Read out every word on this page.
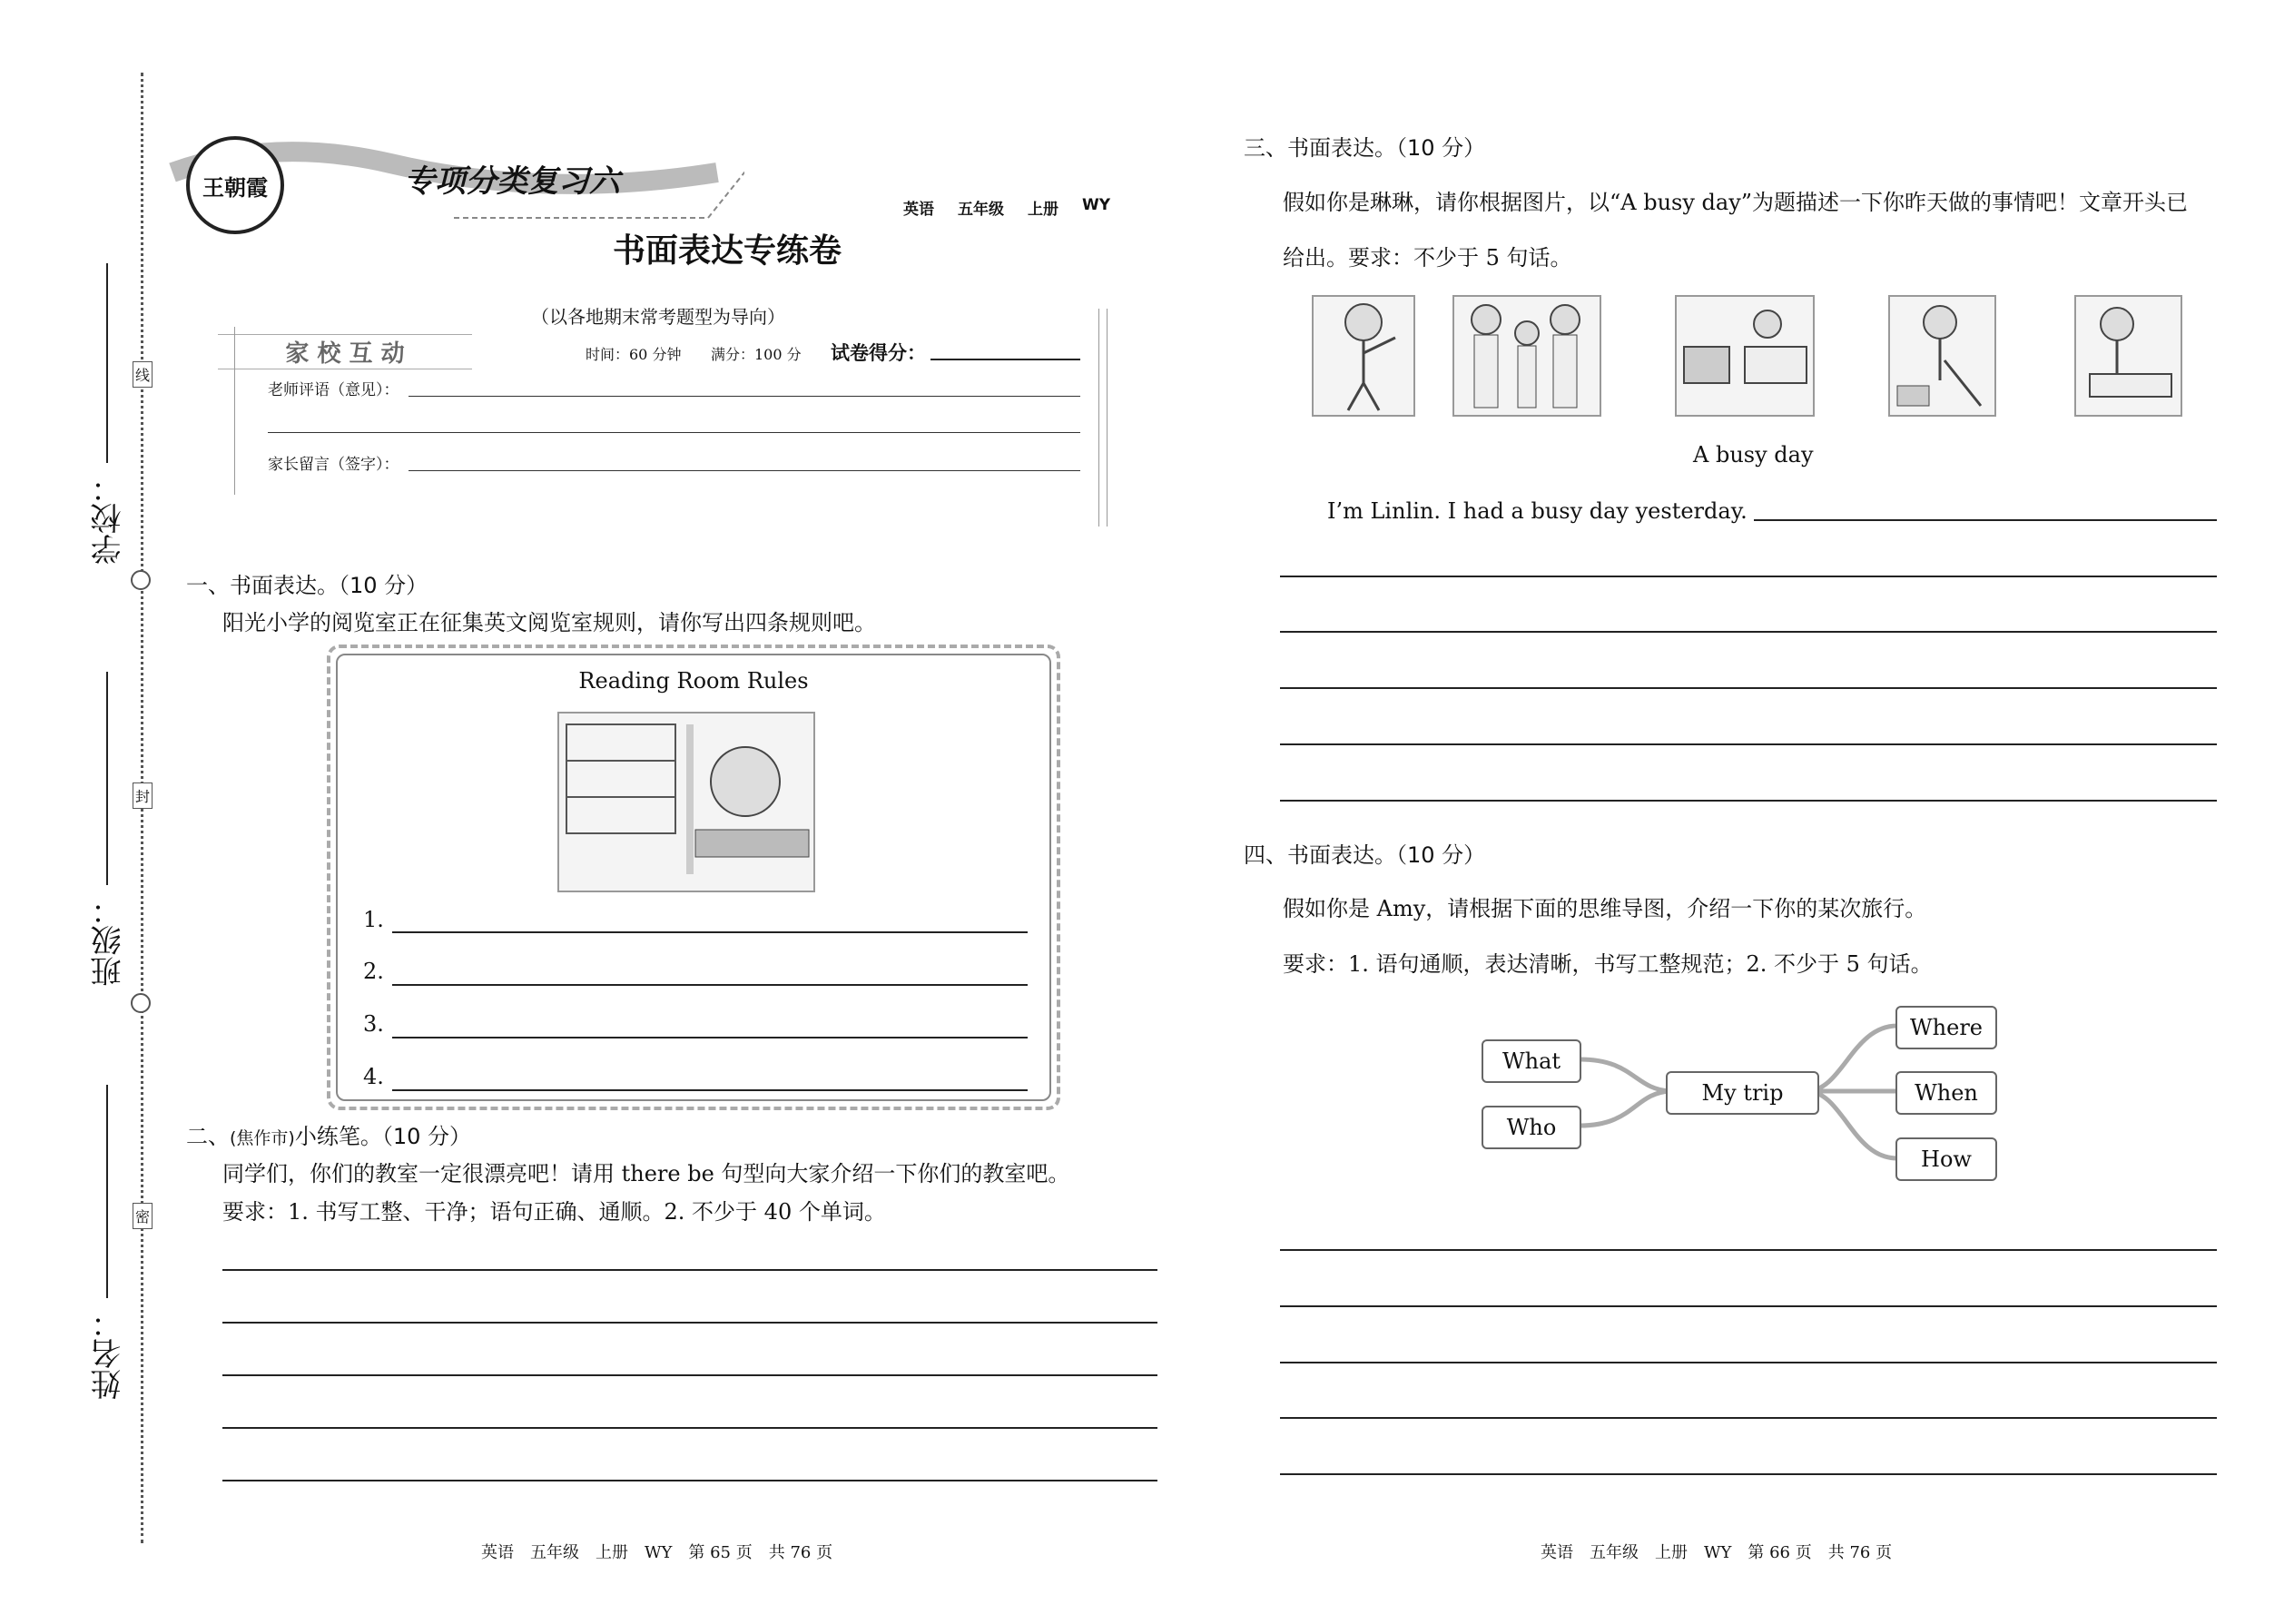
线
封
密
学校：
班级：
姓名：
王朝霞	专项分类复习六
英语 五年级 上册 WY
书面表达专练卷
（以各地期末常考题型为导向）
家 校 互 动	时间：60 分钟 满分：100 分 试卷得分：
老师评语（意见）：
家长留言（签字）：
一、书面表达。（10 分）
阳光小学的阅览室正在征集英文阅览室规则，请你写出四条规则吧。
Reading Room Rules
1.
2.
3.
4.
二、(焦作市)小练笔。（10 分）
同学们，你们的教室一定很漂亮吧！请用 there be 句型向大家介绍一下你们的教室吧。
要求：1. 书写工整、干净；语句正确、通顺。2. 不少于 40 个单词。
英语　五年级　上册　WY　第 65 页　共 76 页
三、书面表达。（10 分）
假如你是琳琳，请你根据图片，以“A busy day”为题描述一下你昨天做的事情吧！文章开头已
给出。要求：不少于 5 句话。
A busy day
I’m Linlin. I had a busy day yesterday.
四、书面表达。（10 分）
假如你是 Amy，请根据下面的思维导图，介绍一下你的某次旅行。
要求：1. 语句通顺，表达清晰，书写工整规范；2. 不少于 5 句话。
What
Who
My trip
Where
When
How
英语　五年级　上册　WY　第 66 页　共 76 页
